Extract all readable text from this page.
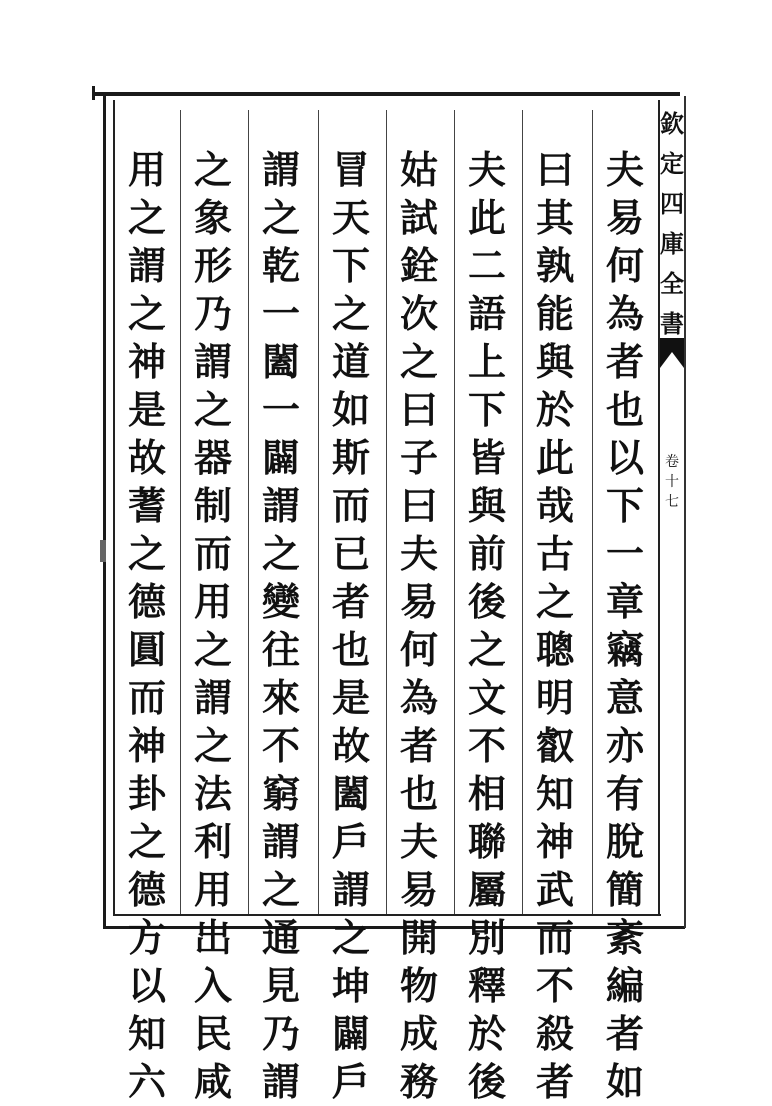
欽
定
四
庫
全
書
卷
十
七
夫
易
何
為
者
也
以
下
一
章
竊
意
亦
有
脫
簡
紊
編
者
如
曰
其
孰
能
與
於
此
哉
古
之
聰
明
叡
知
神
武
而
不
殺
者
夫
此
二
語
上
下
皆
與
前
後
之
文
不
相
聯
屬
別
釋
於
後
姑
試
銓
次
之
曰
子
曰
夫
易
何
為
者
也
夫
易
開
物
成
務
冒
天
下
之
道
如
斯
而
已
者
也
是
故
闔
戶
謂
之
坤
闢
戶
謂
之
乾
一
闔
一
闢
謂
之
變
往
來
不
窮
謂
之
通
見
乃
謂
之
象
形
乃
謂
之
器
制
而
用
之
謂
之
法
利
用
出
入
民
咸
用
之
謂
之
神
是
故
蓍
之
德
圓
而
神
卦
之
德
方
以
知
六
